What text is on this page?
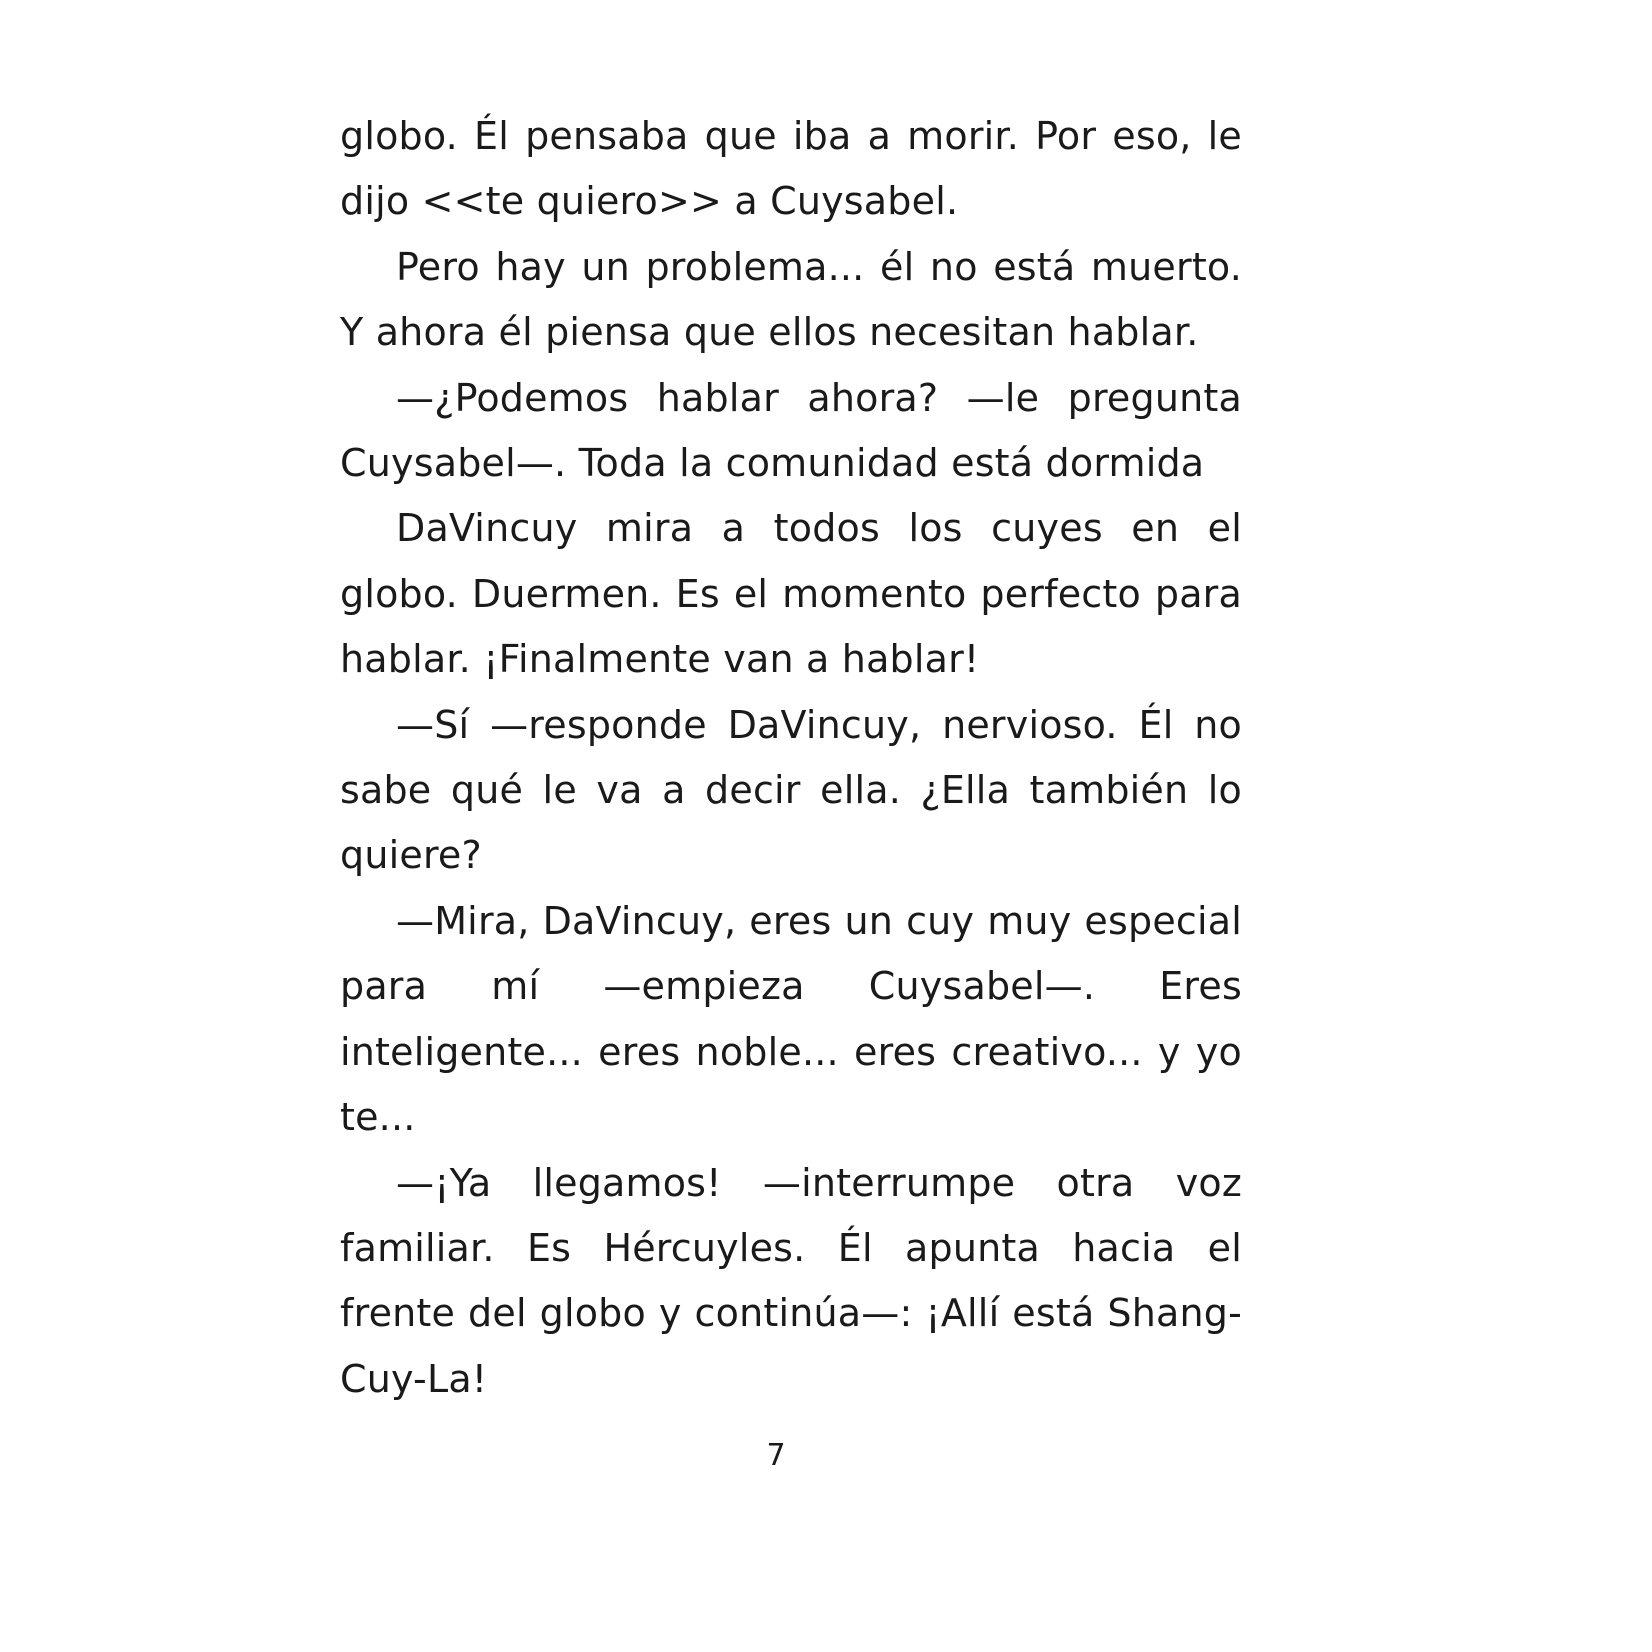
globo. Él pensaba que iba a morir. Por eso, le dijo <<te quiero>> a Cuysabel.

Pero hay un problema... él no está muerto. Y ahora él piensa que ellos necesitan hablar.

—¿Podemos hablar ahora? —le pregunta Cuysabel—. Toda la comunidad está dormida

DaVincuy mira a todos los cuyes en el globo. Duermen. Es el momento perfecto para hablar. ¡Finalmente van a hablar!

—Sí —responde DaVincuy, nervioso. Él no sabe qué le va a decir ella. ¿Ella también lo quiere?

—Mira, DaVincuy, eres un cuy muy especial para mí —empieza Cuysabel—. Eres inteligente... eres noble... eres creativo... y yo te...

—¡Ya llegamos! —interrumpe otra voz familiar. Es Hércuyles. Él apunta hacia el frente del globo y continúa—: ¡Allí está Shang-Cuy-La!

7
